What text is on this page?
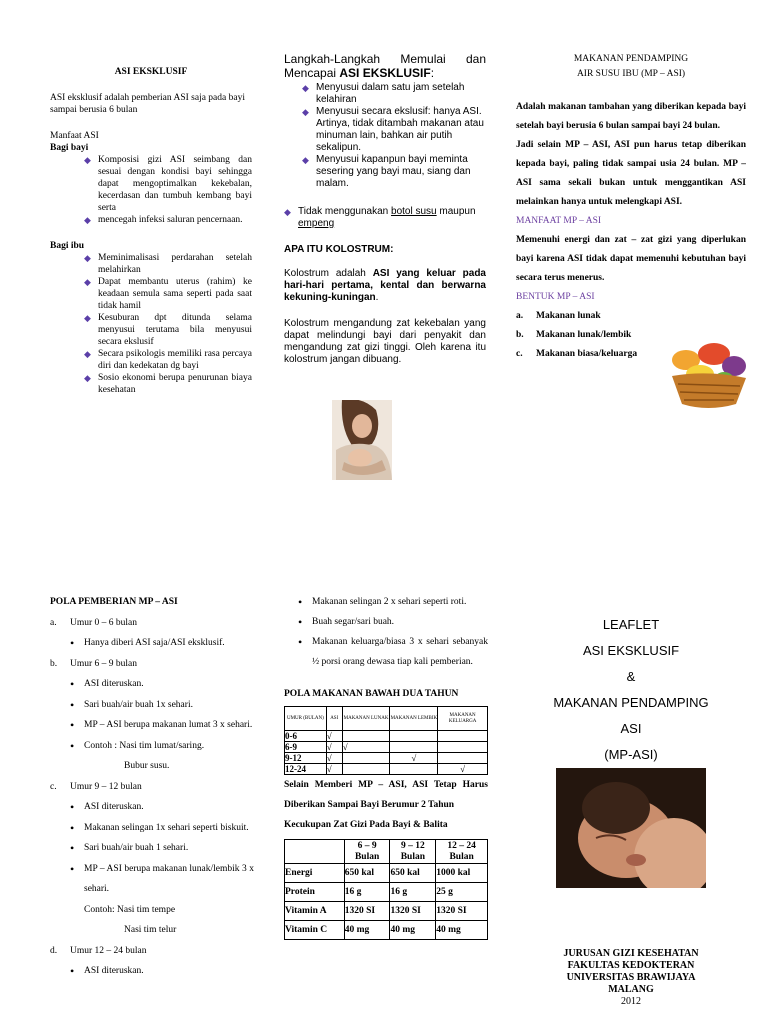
ASI EKSKLUSIF
ASI eksklusif adalah pemberian ASI saja pada bayi sampai berusia 6 bulan
Manfaat ASI
Bagi bayi
◆ Komposisi gizi ASI seimbang dan sesuai dengan kondisi bayi sehingga dapat mengoptimalkan kekebalan, kecerdasan dan tumbuh kembang bayi serta
◆ mencegah infeksi saluran pencernaan.
Bagi ibu
◆ Meminimalisasi perdarahan setelah melahirkan
◆ Dapat membantu uterus (rahim) ke keadaan semula sama seperti pada saat tidak hamil
◆ Kesuburan dpt ditunda selama menyusui terutama bila menyusui secara ekslusif
◆ Secara psikologis memiliki rasa percaya diri dan kedekatan dg bayi
◆ Sosio ekonomi berupa penurunan biaya kesehatan
Langkah-Langkah Memulai dan Mencapai ASI EKSKLUSIF:
◆ Menyusui dalam satu jam setelah kelahiran
◆ Menyusui secara ekslusif: hanya ASI. Artinya, tidak ditambah makanan atau minuman lain, bahkan air putih sekalipun.
◆ Menyusui kapanpun bayi meminta sesering yang bayi mau, siang dan malam.
◆ Tidak menggunakan botol susu maupun empeng
APA ITU KOLOSTRUM:
Kolostrum adalah ASI yang keluar pada hari-hari pertama, kental dan berwarna kekuning-kuningan.
Kolostrum mengandung zat kekebalan yang dapat melindungi bayi dari penyakit dan mengandung zat gizi tinggi. Oleh karena itu kolostrum jangan dibuang.
MAKANAN PENDAMPING
AIR SUSU IBU (MP – ASI)
Adalah makanan tambahan yang diberikan kepada bayi setelah bayi berusia 6 bulan sampai bayi 24 bulan.
Jadi selain MP – ASI, ASI pun harus tetap diberikan kepada bayi, paling tidak sampai usia 24 bulan. MP – ASI sama sekali bukan untuk menggantikan ASI melainkan hanya untuk melengkapi ASI.
MANFAAT MP – ASI
Memenuhi energi dan zat – zat gizi yang diperlukan bayi karena ASI tidak dapat memenuhi kebutuhan bayi secara terus menerus.
BENTUK MP – ASI
a. Makanan lunak
b. Makanan lunak/lembik
c. Makanan biasa/keluarga
POLA PEMBERIAN MP – ASI
a. Umur 0 – 6 bulan
• Hanya diberi ASI saja/ASI eksklusif.
b. Umur 6 – 9 bulan
• ASI diteruskan.
• Sari buah/air buah 1x sehari.
• MP – ASI berupa makanan lumat 3 x sehari.
• Contoh : Nasi tim lumat/saring.
Bubur susu.
c. Umur 9 – 12 bulan
• ASI diteruskan.
• Makanan selingan 1x sehari seperti biskuit.
• Sari buah/air buah 1 sehari.
• MP – ASI berupa makanan lunak/lembik 3 x sehari.
Contoh: Nasi tim tempe
Nasi tim telur
d. Umur 12 – 24 bulan
• ASI diteruskan.
• Makanan selingan 2 x sehari seperti roti.
• Buah segar/sari buah.
• Makanan keluarga/biasa 3 x sehari sebanyak ½ porsi orang dewasa tiap kali pemberian.
POLA MAKANAN BAWAH DUA TAHUN
UMUR (BULAN)	ASI	MAKANAN LUNAK	MAKANAN LEMBIK	MAKANAN KELUARGA
0-6	√			
6-9	√	√		
9-12	√		√	
12-24	√			√
Selain Memberi MP – ASI, ASI Tetap Harus Diberikan Sampai Bayi Berumur 2 Tahun
Kecukupan Zat Gizi Pada Bayi & Balita
	6 – 9 Bulan	9 – 12 Bulan	12 – 24 Bulan
Energi	650 kal	650 kal	1000 kal
Protein	16 g	16 g	25 g
Vitamin A	1320 SI	1320 SI	1320 SI
Vitamin C	40 mg	40 mg	40 mg
LEAFLET
ASI EKSKLUSIF
&
MAKANAN PENDAMPING
ASI
(MP-ASI)
JURUSAN GIZI KESEHATAN
FAKULTAS KEDOKTERAN
UNIVERSITAS BRAWIJAYA
MALANG
2012
